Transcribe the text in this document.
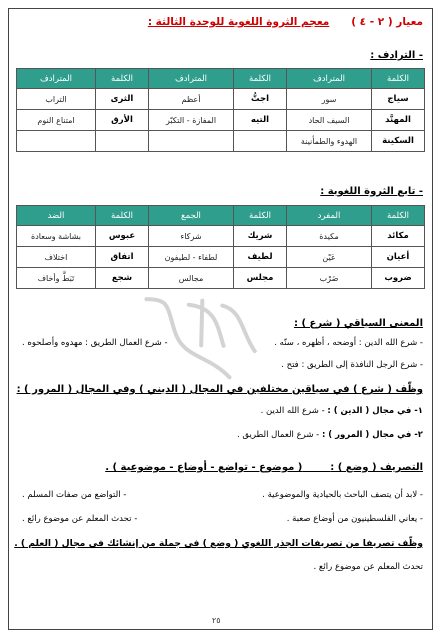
معيار ( ٢ - ٤ )      معجم الثروة اللغوية للوحدة الثالثة :
- الترادف :
الكلمة	المترادف	الكلمة	المترادف	الكلمة	المترادف
سياج	سور	اجتُّ	أعظم	الثرى	التراب
المهنَّد	السيف الحاد	التيه	المفازة - التكبّر	الأرق	امتناع النوم
السكينة	الهدوء والطمأنينة				
- تابع الثروة اللغوية :
الكلمة	المفرد	الكلمة	الجمع	الكلمة	الضد
مكائد	مكيدة	شريك	شركاء	عبوس	بشاشة وسعادة
أعيان	عَيْن	لطيف	لطفاء - لطيفون	اتفاق	اختلاف
ضروب	ضَرْب	مجلس	مجالس	شجع	تَبَطَّ وأخاف
المعنى السياقي ( شرع ) :
- شرع الله الدين : أوضحه ، أظهره ، سنّه .
- شرع العمال الطريق : مهدوه وأصلحوه .
- شرع الرجل النافذة إلى الطريق : فتح .
وظّف ( شرع ) في سياقين مختلفين في المجال ( الديني ) وفي المجال ( المرور ) :
١- في مجال ( الدين ) : - شرع الله الدين .
٢- في مجال ( المرور ) : - شرع العمال الطريق .
التصريف ( وضع ) :        ( موضوع - تواضع - أوضاع - موضوعية ) .
- لابد أن يتصف الباحث بالحيادية والموضوعية .
- التواضع من صفات المسلم .
- يعاني الفلسطينيون من أوضاع صعبة .
- تحدث المعلم عن موضوع رائع .
وظّف تصريفا من تصريفات الجذر اللغوي ( وضع ) في جملة من إنشائك في مجال ( العلم ) .
تحدث المعلم عن موضوع رائع .
٢٥
